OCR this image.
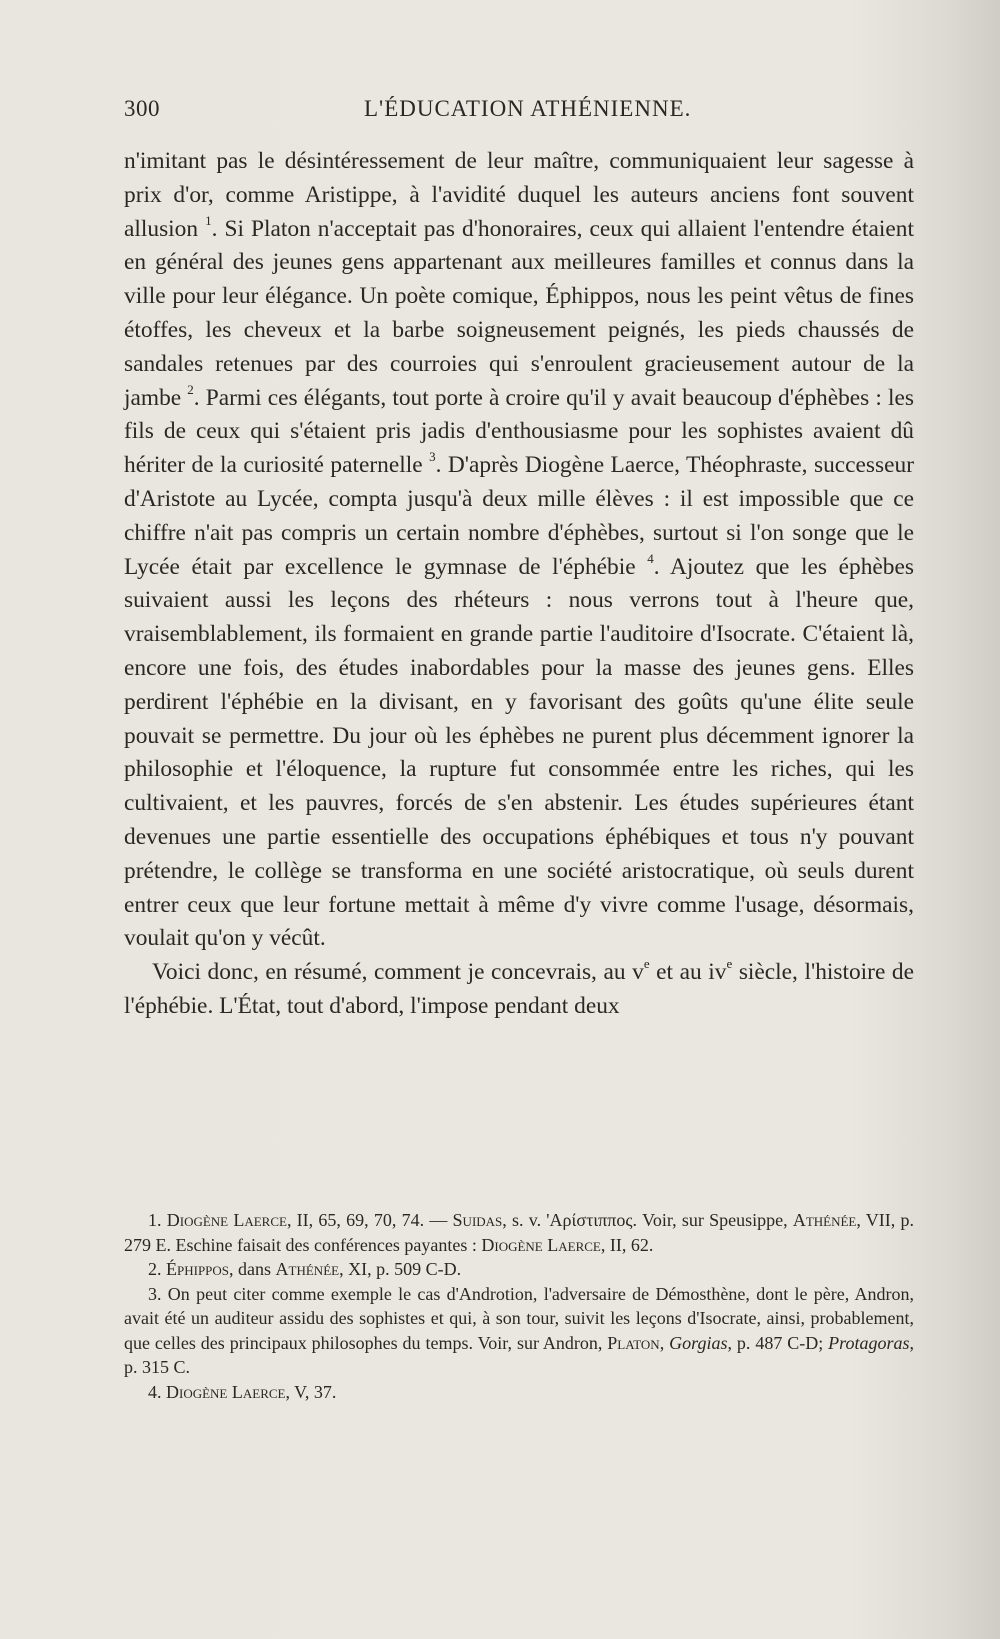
300	L'ÉDUCATION ATHÉNIENNE.

n'imitant pas le désintéressement de leur maître, communiquaient leur sagesse à prix d'or, comme Aristippe, à l'avidité duquel les auteurs anciens font souvent allusion $^1$. Si Platon n'acceptait pas d'honoraires, ceux qui allaient l'entendre étaient en général des jeunes gens appartenant aux meilleures familles et connus dans la ville pour leur élégance. Un poète comique, Éphippos, nous les peint vêtus de fines étoffes, les cheveux et la barbe soigneusement peignés, les pieds chaussés de sandales retenues par des courroies qui s'enroulent gracieusement autour de la jambe $^2$. Parmi ces élégants, tout porte à croire qu'il y avait beaucoup d'éphèbes : les fils de ceux qui s'étaient pris jadis d'enthousiasme pour les sophistes avaient dû hériter de la curiosité paternelle $^3$. D'après Diogène Laerce, Théophraste, successeur d'Aristote au Lycée, compta jusqu'à deux mille élèves : il est impossible que ce chiffre n'ait pas compris un certain nombre d'éphèbes, surtout si l'on songe que le Lycée était par excellence le gymnase de l'éphébie $^4$. Ajoutez que les éphèbes suivaient aussi les leçons des rhéteurs : nous verrons tout à l'heure que, vraisemblablement, ils formaient en grande partie l'auditoire d'Isocrate. C'étaient là, encore une fois, des études inabordables pour la masse des jeunes gens. Elles perdirent l'éphébie en la divisant, en y favorisant des goûts qu'une élite seule pouvait se permettre. Du jour où les éphèbes ne purent plus décemment ignorer la philosophie et l'éloquence, la rupture fut consommée entre les riches, qui les cultivaient, et les pauvres, forcés de s'en abstenir. Les études supérieures étant devenues une partie essentielle des occupations éphébiques et tous n'y pouvant prétendre, le collège se transforma en une société aristocratique, où seuls durent entrer ceux que leur fortune mettait à même d'y vivre comme l'usage, désormais, voulait qu'on y vécût.

Voici donc, en résumé, comment je concevrais, au $v^e$ et au $iv^e$ siècle, l'histoire de l'éphébie. L'État, tout d'abord, l'impose pendant deux

1. Diogène Laerce, II, 65, 69, 70, 74. — Suidas, s. v. 'Αρίστιππος. Voir, sur Speusippe, Athénée, VII, p. 279 E. Eschine faisait des conférences payantes : Diogène Laerce, II, 62.

2. Éphippos, dans Athénée, XI, p. 509 C-D.

3. On peut citer comme exemple le cas d'Androtion, l'adversaire de Démosthène, dont le père, Andron, avait été un auditeur assidu des sophistes et qui, à son tour, suivit les leçons d'Isocrate, ainsi, probablement, que celles des principaux philosophes du temps. Voir, sur Andron, Platon, Gorgias, p. 487 C-D; Protagoras, p. 315 C.

4. Diogène Laerce, V, 37.
